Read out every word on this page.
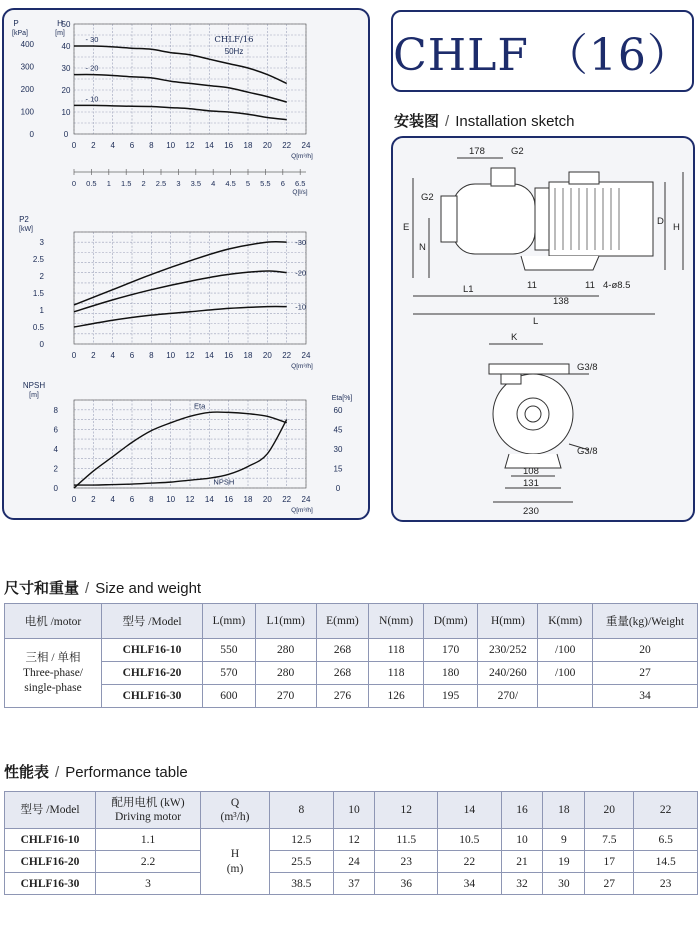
P
[kPa]
H
[m]
50
40
30
20
10
0
400
300
200
100
0
CHLF/16
50Hz
- 30
- 20
- 10
0 2 4 6 8 10 12 14 16 18 20 22 24
Q[m³/h]
0 0.5 1 1.5 2 2.5 3 3.5 4 4.5 5 5.5 6 6.5
Q[l/s]
P2
[kW]
3
2.5
2
1.5
1
0.5
0
-30
-20
-10
0 2 4 6 8 10 12 14 16 18 20 22 24
Q[m³/h]
NPSH
[m]
8
6
4
2
0
Eta[%]
60
45
30
15
0
Eta
NPSH
0 2 4 6 8 10 12 14 16 18 20 22 24
Q[m³/h]
CHLF （16）
安装图 / Installation sketch
178	G2
G2
E
N
D
H
L1	11	11
138
4-ø8.5
L
K
G3/8
G3/8
108
131
230
尺寸和重量 / Size and weight
电机 /motor	型号 /Model	L(mm)	L1(mm)	E(mm)	N(mm)	D(mm)	H(mm)	K(mm)	重量(kg)/Weight
三相 / 单相
Three-phase/
single-phase	CHLF16-10	550	280	268	118	170	230/252	/100	20
	CHLF16-20	570	280	268	118	180	240/260	/100	27
	CHLF16-30	600	270	276	126	195	270/		34
性能表 / Performance table
型号 /Model	配用电机 (kW)
Driving motor	Q
(m³/h)	8	10	12	14	16	18	20	22
CHLF16-10	1.1	H
(m)	12.5	12	11.5	10.5	10	9	7.5	6.5
CHLF16-20	2.2		25.5	24	23	22	21	19	17	14.5
CHLF16-30	3		38.5	37	36	34	32	30	27	23
